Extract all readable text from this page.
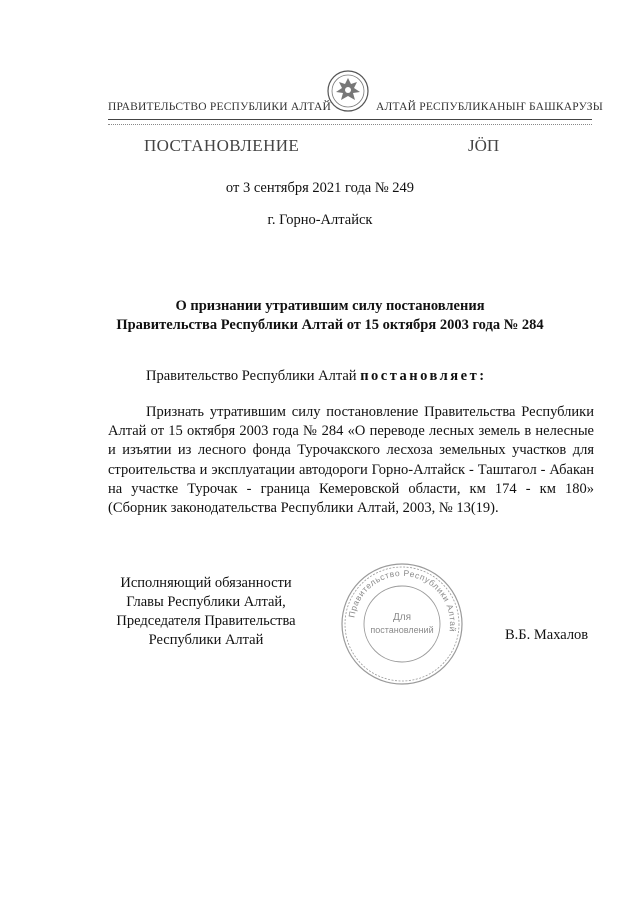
ПРАВИТЕЛЬСТВО РЕСПУБЛИКИ АЛТАЙ	АЛТАЙ РЕСПУБЛИКАНЫҤ БАШКАРУЗЫ
ПОСТАНОВЛЕНИЕ	ЈӦП
от 3 сентября 2021 года № 249
г. Горно-Алтайск
О признании утратившим силу постановления
Правительства Республики Алтай от 15 октября 2003 года № 284
Правительство Республики Алтай постановляет:
Признать утратившим силу постановление Правительства Республики Алтай от 15 октября 2003 года № 284 «О переводе лесных земель в нелесные и изъятии из лесного фонда Турочакского лесхоза земельных участков для строительства и эксплуатации автодороги Горно-Алтайск - Таштагол - Абакан на участке Турочак - граница Кемеровской области, км 174 - км 180» (Сборник законодательства Республики Алтай, 2003, № 13(19).
Исполняющий обязанности
Главы Республики Алтай,
Председателя Правительства
Республики Алтай
Правительство Республики Алтай
Для
постановлений	В.Б. Махалов
